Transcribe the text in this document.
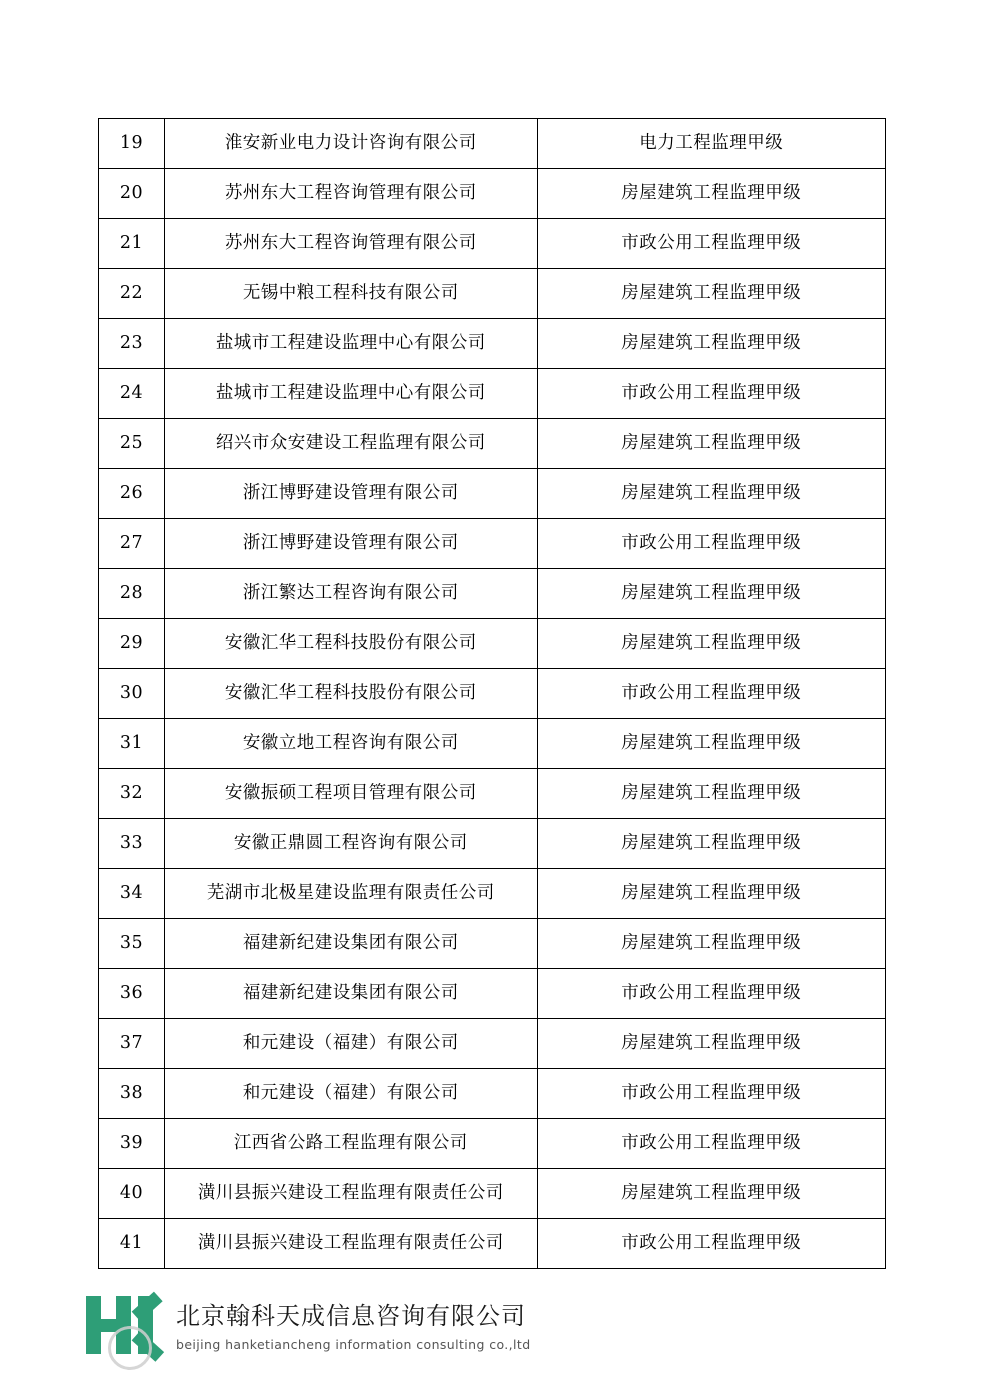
19	淮安新业电力设计咨询有限公司	电力工程监理甲级
20	苏州东大工程咨询管理有限公司	房屋建筑工程监理甲级
21	苏州东大工程咨询管理有限公司	市政公用工程监理甲级
22	无锡中粮工程科技有限公司	房屋建筑工程监理甲级
23	盐城市工程建设监理中心有限公司	房屋建筑工程监理甲级
24	盐城市工程建设监理中心有限公司	市政公用工程监理甲级
25	绍兴市众安建设工程监理有限公司	房屋建筑工程监理甲级
26	浙江博野建设管理有限公司	房屋建筑工程监理甲级
27	浙江博野建设管理有限公司	市政公用工程监理甲级
28	浙江繁达工程咨询有限公司	房屋建筑工程监理甲级
29	安徽汇华工程科技股份有限公司	房屋建筑工程监理甲级
30	安徽汇华工程科技股份有限公司	市政公用工程监理甲级
31	安徽立地工程咨询有限公司	房屋建筑工程监理甲级
32	安徽振硕工程项目管理有限公司	房屋建筑工程监理甲级
33	安徽正鼎圆工程咨询有限公司	房屋建筑工程监理甲级
34	芜湖市北极星建设监理有限责任公司	房屋建筑工程监理甲级
35	福建新纪建设集团有限公司	房屋建筑工程监理甲级
36	福建新纪建设集团有限公司	市政公用工程监理甲级
37	和元建设（福建）有限公司	房屋建筑工程监理甲级
38	和元建设（福建）有限公司	市政公用工程监理甲级
39	江西省公路工程监理有限公司	市政公用工程监理甲级
40	潢川县振兴建设工程监理有限责任公司	房屋建筑工程监理甲级
41	潢川县振兴建设工程监理有限责任公司	市政公用工程监理甲级
北京翰科天成信息咨询有限公司
beijing hanketiancheng information consulting co.,ltd
